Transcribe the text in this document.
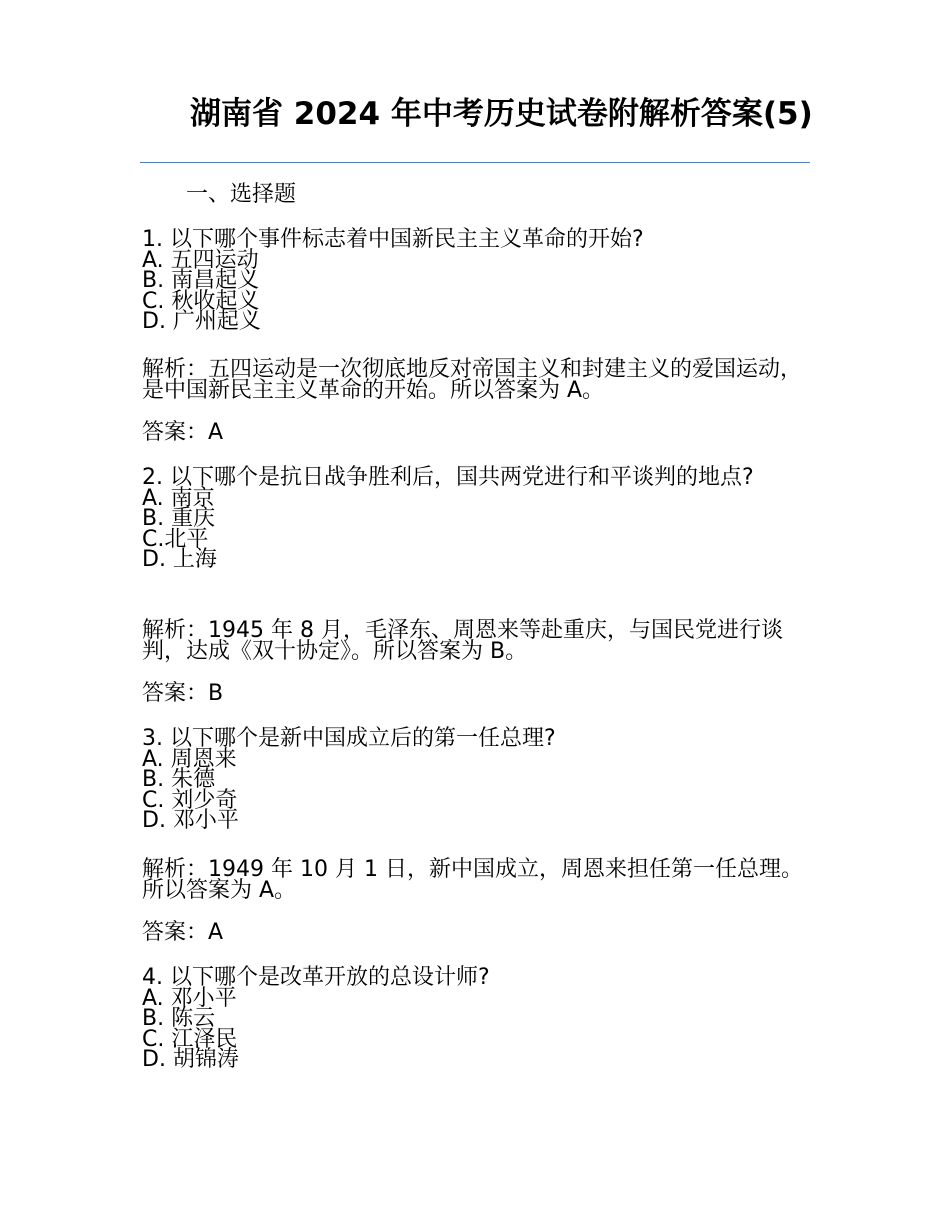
湖南省 2024 年中考历史试卷附解析答案(5)
一、选择题
1. 以下哪个事件标志着中国新民主主义革命的开始?
A. 五四运动
B. 南昌起义
C. 秋收起义
D. 广州起义
解析：五四运动是一次彻底地反对帝国主义和封建主义的爱国运动，是中国新民主主义革命的开始。所以答案为 A。
答案：A
2. 以下哪个是抗日战争胜利后，国共两党进行和平谈判的地点?
A. 南京
B. 重庆
C.北平
D. 上海
解析：1945 年 8 月，毛泽东、周恩来等赴重庆，与国民党进行谈判，达成《双十协定》。所以答案为 B。
答案：B
3. 以下哪个是新中国成立后的第一任总理?
A. 周恩来
B. 朱德
C. 刘少奇
D. 邓小平
解析：1949 年 10 月 1 日，新中国成立，周恩来担任第一任总理。所以答案为 A。
答案：A
4. 以下哪个是改革开放的总设计师?
A. 邓小平
B. 陈云
C. 江泽民
D. 胡锦涛
